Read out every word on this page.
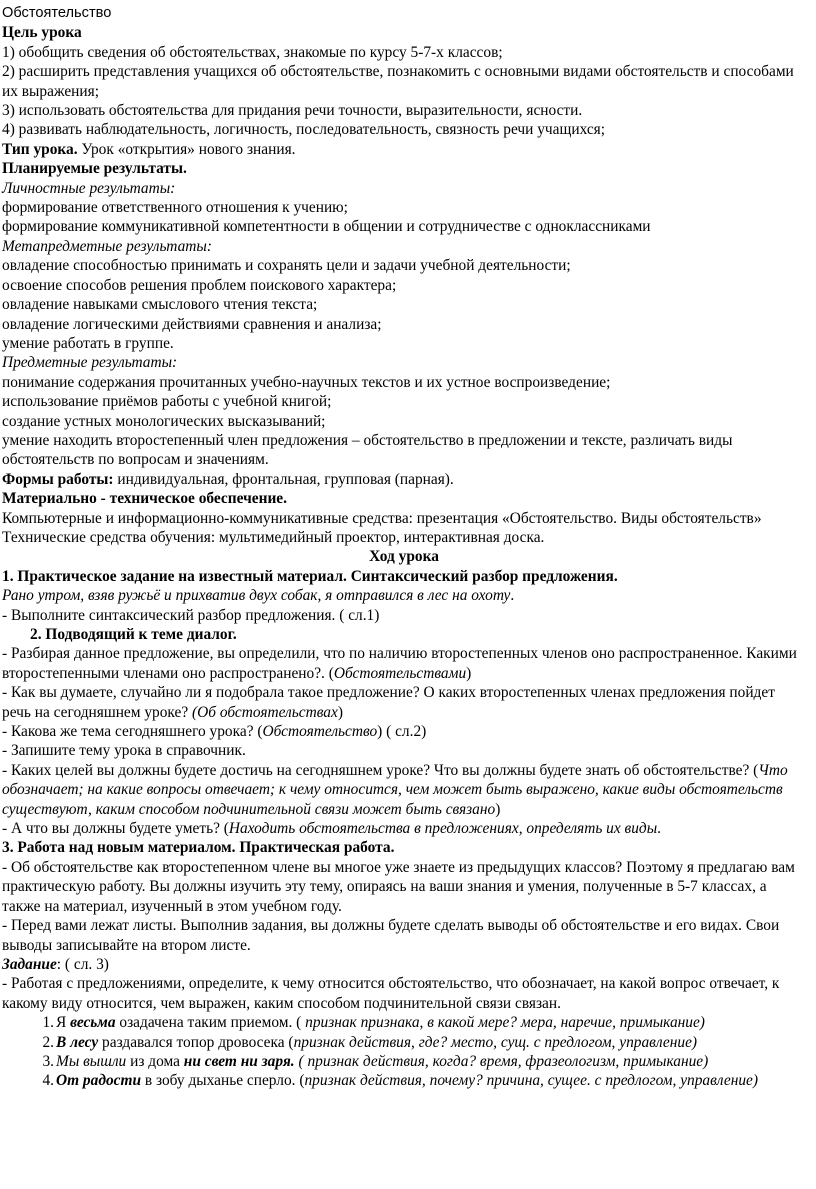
Обстоятельство

Цель урока

1) обобщить сведения об обстоятельствах, знакомые по курсу 5-7-х классов;

2) расширить представления учащихся об обстоятельстве, познакомить с основными видами обстоятельств и способами их выражения;

3) использовать обстоятельства для придания речи точности, выразительности, ясности.

4) развивать наблюдательность, логичность, последовательность, связность речи учащихся;

Тип урока. Урок «открытия» нового знания.

Планируемые результаты.

Личностные результаты:

формирование ответственного отношения к учению;

формирование коммуникативной компетентности в общении и сотрудничестве с одноклассниками

Метапредметные результаты:

овладение способностью принимать и сохранять цели и задачи учебной деятельности;

освоение способов решения проблем поискового характера;

овладение навыками смыслового чтения текста;

овладение логическими действиями сравнения и анализа;

умение работать в группе.

Предметные результаты:

понимание содержания прочитанных учебно-научных текстов и их устное воспроизведение;

использование приёмов работы с учебной книгой;

создание устных монологических высказываний;

умение находить второстепенный член предложения – обстоятельство в предложении и тексте, различать виды обстоятельств по вопросам и значениям.

Формы работы: индивидуальная, фронтальная, групповая (парная).

Материально - техническое обеспечение.

Компьютерные и информационно-коммуникативные средства: презентация «Обстоятельство. Виды обстоятельств»

Технические средства обучения: мультимедийный проектор, интерактивная доска.

Ход урока

1. Практическое задание на известный материал. Синтаксический разбор предложения.

Рано утром, взяв ружьё и прихватив двух собак, я отправился в лес на охоту.

- Выполните синтаксический разбор предложения. ( сл.1)

2. Подводящий к теме диалог.

- Разбирая данное предложение, вы определили, что по наличию второстепенных членов оно распространенное. Какими второстепенными членами оно распространено?. (Обстоятельствами)

- Как вы думаете, случайно ли я подобрала такое предложение? О каких второстепенных членах предложения пойдет речь на сегодняшнем уроке? (Об обстоятельствах)

- Какова же тема сегодняшнего урока? (Обстоятельство) ( сл.2)

- Запишите тему урока в справочник.

- Каких целей вы должны будете достичь на сегодняшнем уроке? Что вы должны будете знать об обстоятельстве? (Что обозначает; на какие вопросы отвечает; к чему относится, чем может быть выражено, какие виды обстоятельств существуют, каким способом подчинительной связи может быть связано)

- А что вы должны будете уметь? (Находить обстоятельства в предложениях, определять их виды.

3. Работа над новым материалом. Практическая работа.

- Об обстоятельстве как второстепенном члене вы многое уже знаете из предыдущих классов? Поэтому я предлагаю вам практическую работу. Вы должны изучить эту тему, опираясь на ваши знания и умения, полученные в 5-7 классах, а также на материал, изученный в этом учебном году.

- Перед вами лежат листы. Выполнив задания, вы должны будете сделать выводы об обстоятельстве и его видах. Свои выводы записывайте на втором листе.

Задание: ( сл. 3)

- Работая с предложениями, определите, к чему относится обстоятельство, что обозначает, на какой вопрос отвечает, к какому виду относится, чем выражен, каким способом подчинительной связи связан.

1. Я весьма озадачена таким приемом. ( признак признака, в какой мере? мера, наречие, примыкание)
2. В лесу раздавался топор дровосека (признак действия, где? место, сущ. с предлогом, управление)
3. Мы вышли из дома ни свет ни заря. ( признак действия, когда? время, фразеологизм, примыкание)
4. От радости в зобу дыханье сперло. (признак действия, почему? причина, сущее. с предлогом, управление)
